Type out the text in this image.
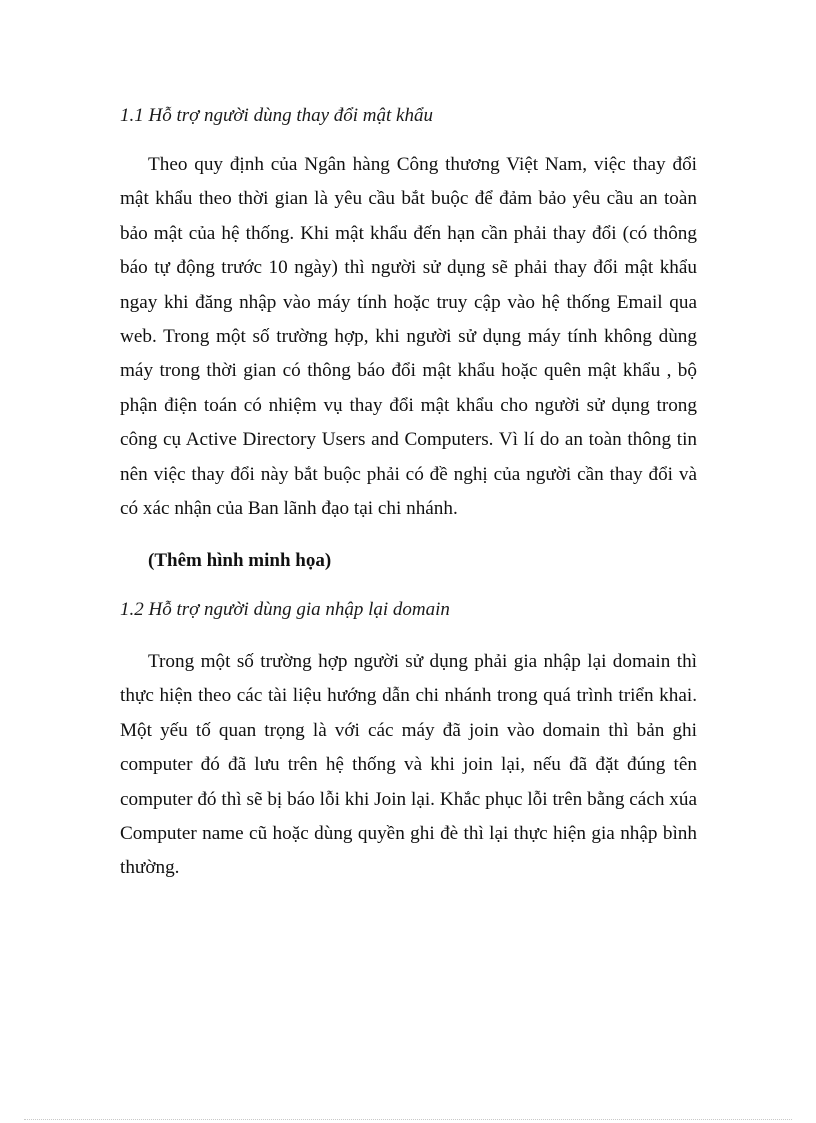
1.1 Hỗ trợ người dùng thay đổi mật khẩu
Theo quy định của Ngân hàng Công thương Việt Nam, việc thay đổi mật khẩu theo thời gian là yêu cầu bắt buộc để đảm bảo yêu cầu an toàn bảo mật của hệ thống. Khi mật khẩu đến hạn cần phải thay đổi (có thông báo tự động trước 10 ngày) thì người sử dụng sẽ phải thay đổi mật khẩu ngay khi đăng nhập vào máy tính hoặc truy cập vào hệ thống Email qua web. Trong một số trường hợp, khi người sử dụng máy tính không dùng máy trong thời gian có thông báo đổi mật khẩu hoặc quên mật khẩu , bộ phận điện toán có nhiệm vụ thay đổi mật khẩu cho người sử dụng trong công cụ Active Directory Users and Computers. Vì lí do an toàn thông tin nên việc thay đổi này bắt buộc phải có đề nghị của người cần thay đổi và có xác nhận của Ban lãnh đạo tại chi nhánh.
(Thêm hình minh họa)
1.2 Hỗ trợ người dùng gia nhập lại domain
Trong một số trường hợp người sử dụng phải gia nhập lại domain thì thực hiện theo các tài liệu hướng dẫn chi nhánh trong quá trình triển khai. Một yếu tố quan trọng là với các máy đã join vào domain thì bản ghi computer đó đã lưu trên hệ thống và khi join lại, nếu đã đặt đúng tên computer đó thì sẽ bị báo lỗi khi Join lại. Khắc phục lỗi trên bằng cách xúa Computer name cũ hoặc dùng quyền ghi đè thì lại thực hiện gia nhập bình thường.
